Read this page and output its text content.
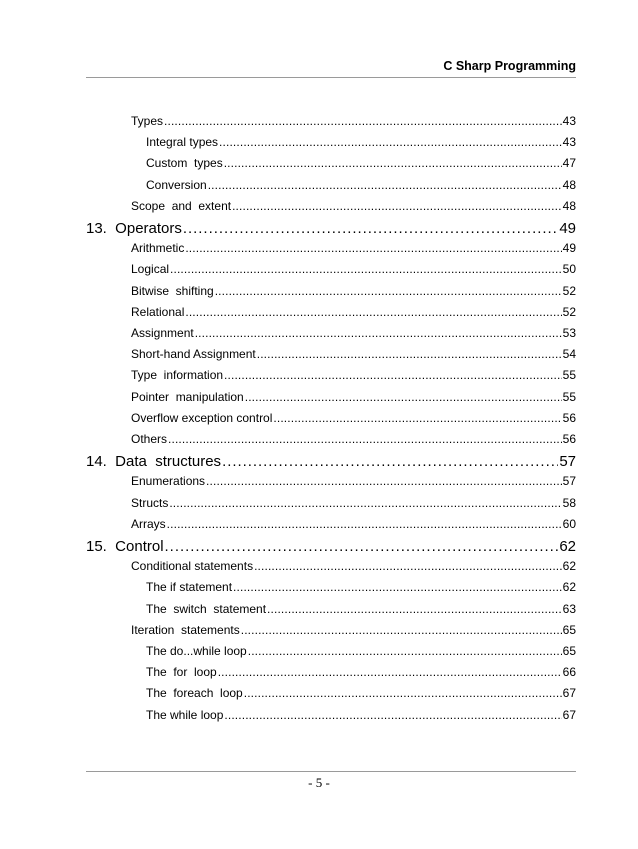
C Sharp Programming
Types . . .	43
Integral types . . .	43
Custom  types . . .	47
Conversion . . .	48
Scope  and  extent . . .	48
13.  Operators . . .	49
Arithmetic . . .	49
Logical . . .	50
Bitwise  shifting . . .	52
Relational . . .	52
Assignment . . .	53
Short-hand Assignment . . .	54
Type  information . . .	55
Pointer  manipulation . . .	55
Overflow exception control . . .	56
Others . . .	56
14.  Data  structures . . .	57
Enumerations . . .	57
Structs . . .	58
Arrays . . .	60
15.  Control . . .	62
Conditional statements . . .	62
The if statement . . .	62
The  switch  statement . . .	63
Iteration  statements . . .	65
The do...while loop . . .	65
The  for  loop . . .	66
The  foreach  loop . . .	67
The while loop . . .	67
- 5 -
